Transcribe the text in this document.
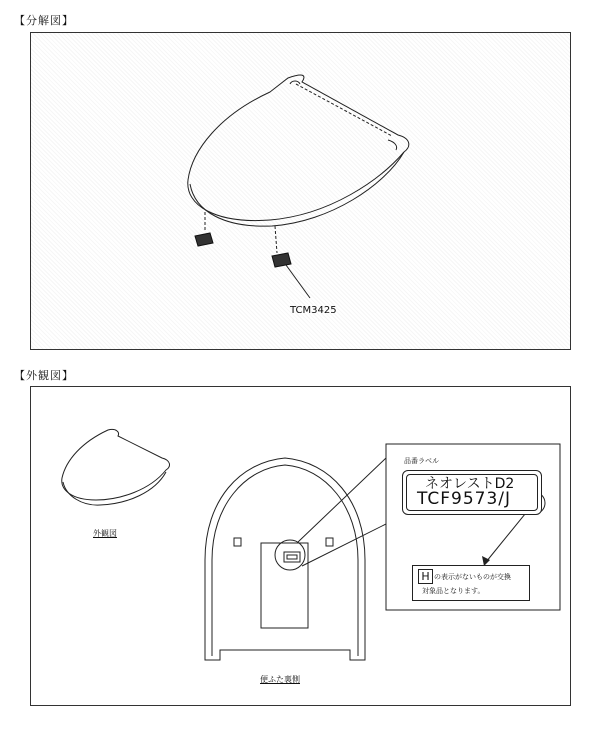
【分解図】
TCM3425
【外観図】
外観図
便ふた裏側
品番ラベル
ネオレストD2
TCF9573/J
H の表示がないものが交換
対象品となります。
